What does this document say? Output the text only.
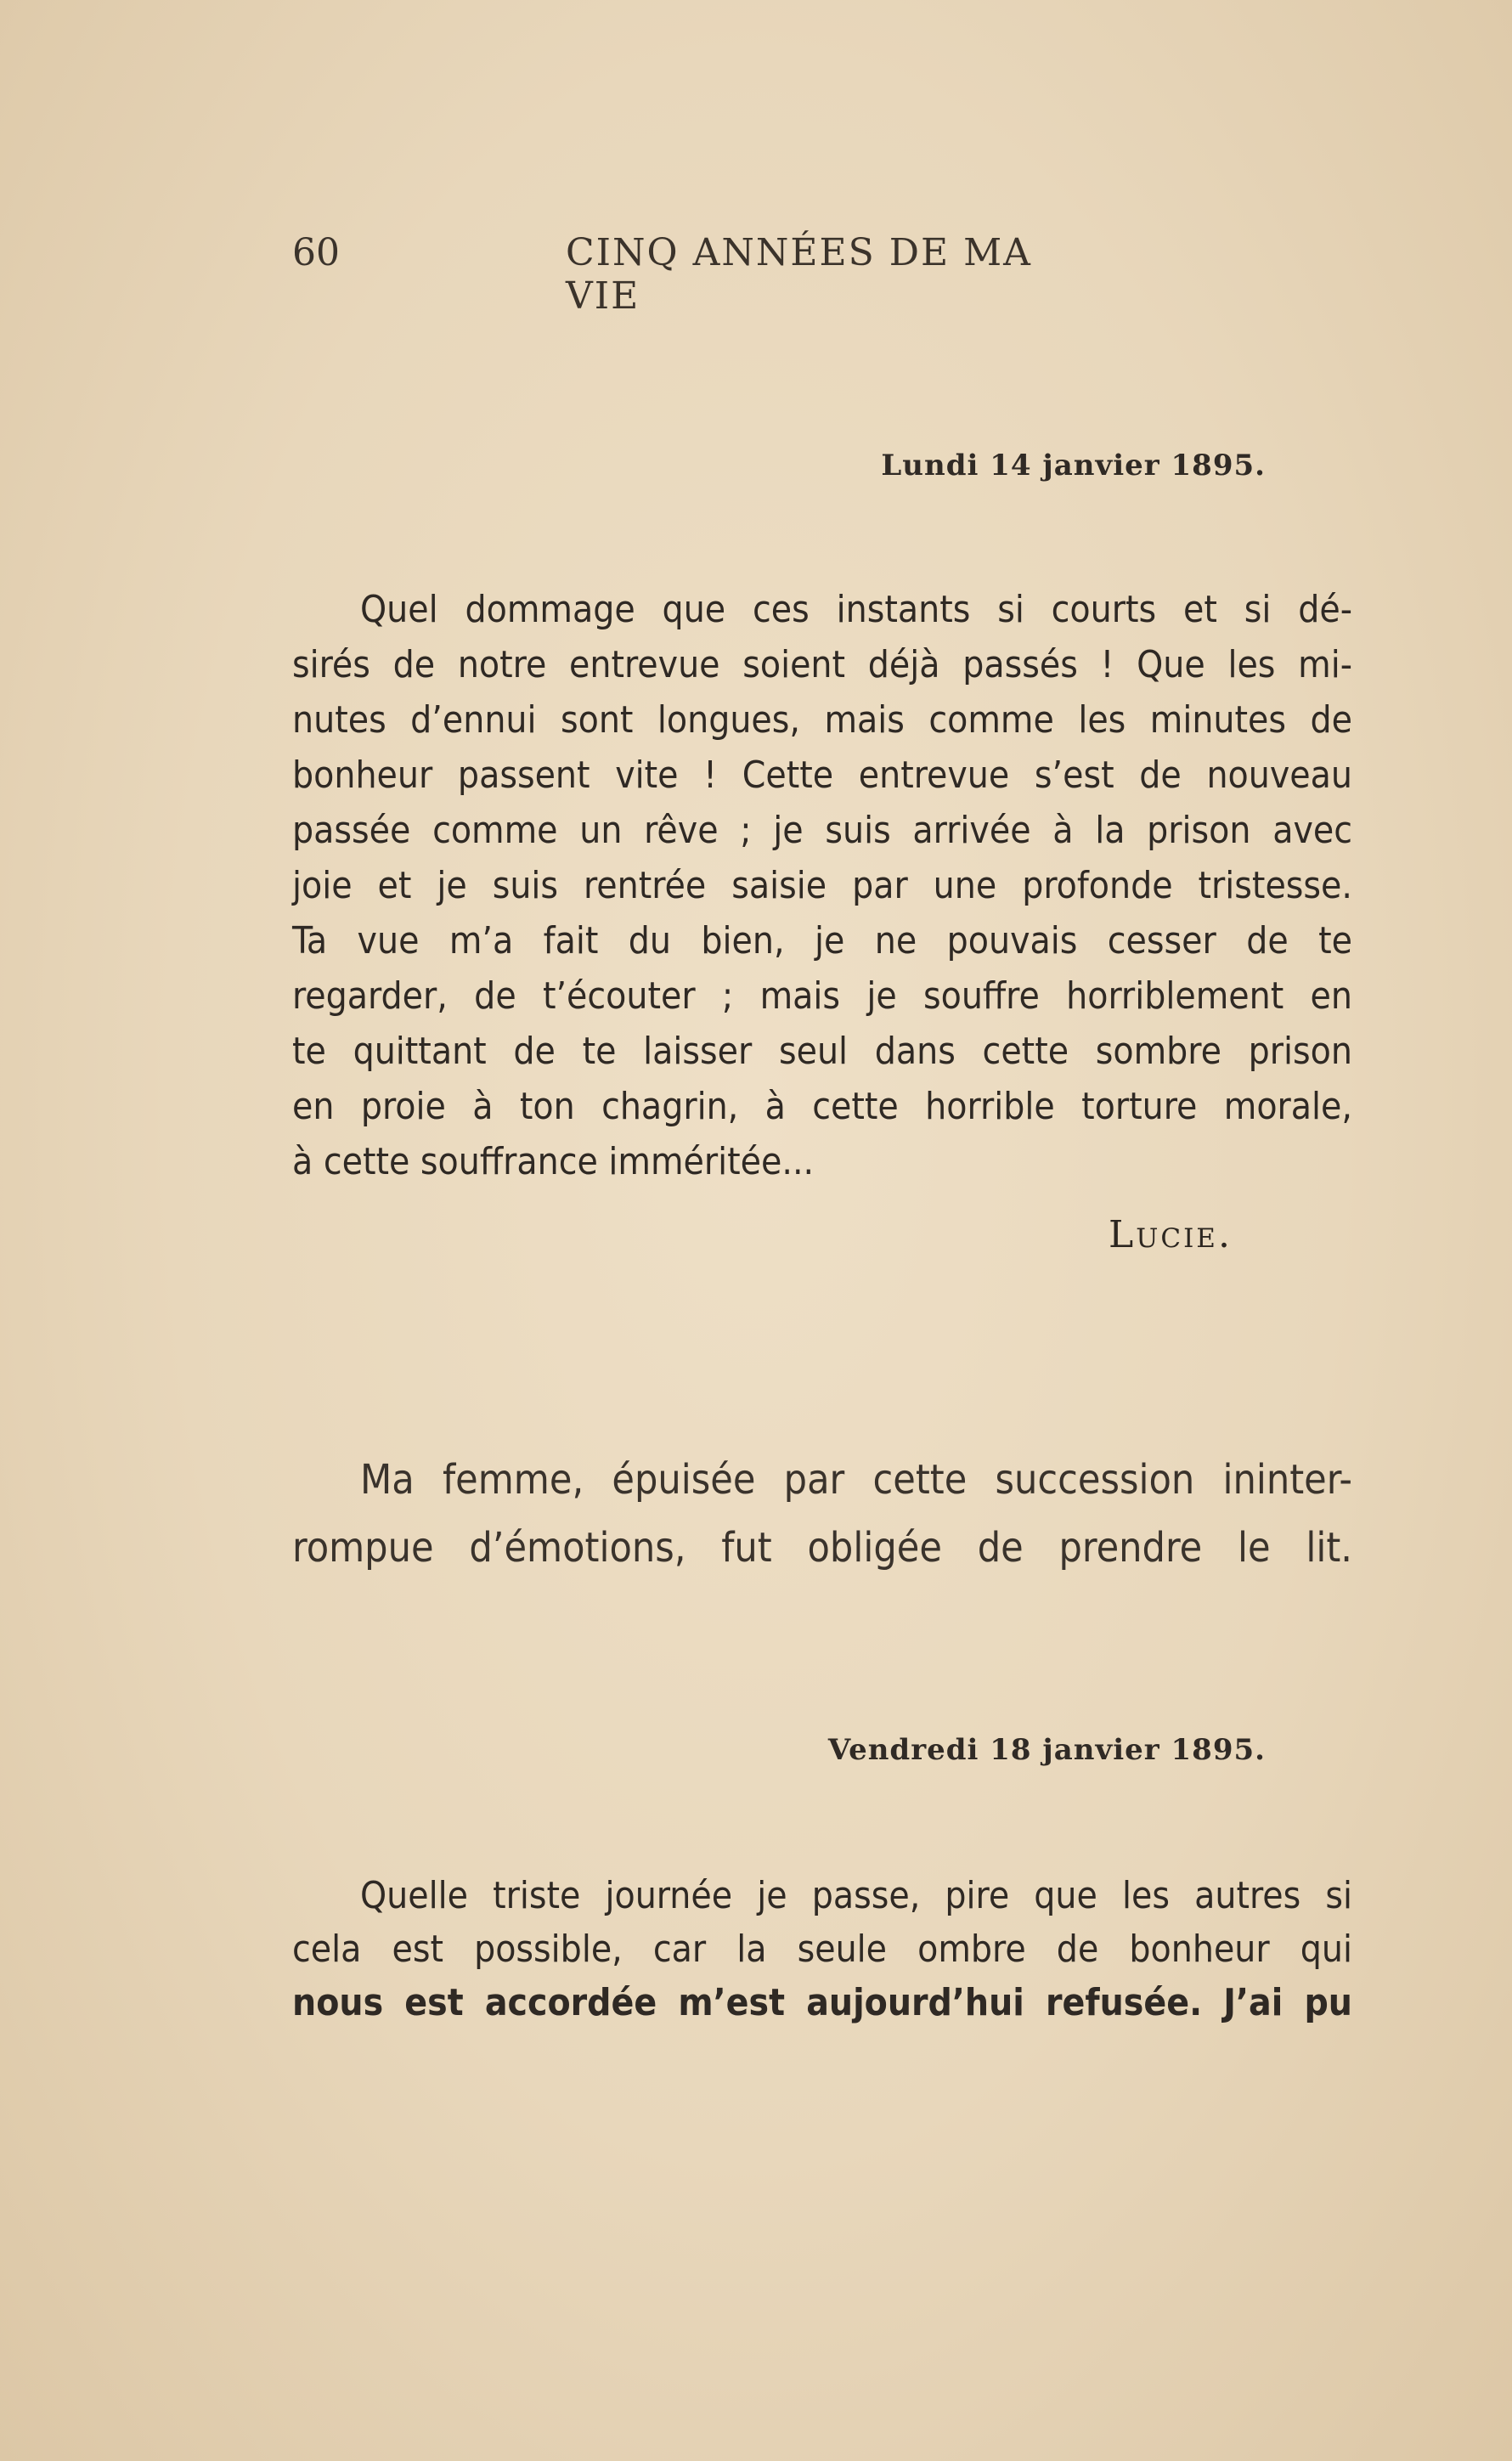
60	CINQ ANNÉES DE MA VIE
Lundi 14 janvier 1895.
Quel dommage que ces instants si courts et si dé-
sirés de notre entrevue soient déjà passés ! Que les mi-
nutes d’ennui sont longues, mais comme les minutes de
bonheur passent vite ! Cette entrevue s’est de nouveau
passée comme un rêve ; je suis arrivée à la prison avec
joie et je suis rentrée saisie par une profonde tristesse.
Ta vue m’a fait du bien, je ne pouvais cesser de te
regarder, de t’écouter ; mais je souffre horriblement en
te quittant de te laisser seul dans cette sombre prison
en proie à ton chagrin, à cette horrible torture morale,
à cette souffrance imméritée...
Lucie.
Ma femme, épuisée par cette succession ininter-
rompue d’émotions, fut obligée de prendre le lit.
Vendredi 18 janvier 1895.
Quelle triste journée je passe, pire que les autres si
cela est possible, car la seule ombre de bonheur qui
nous est accordée m’est aujourd’hui refusée. J’ai pu
